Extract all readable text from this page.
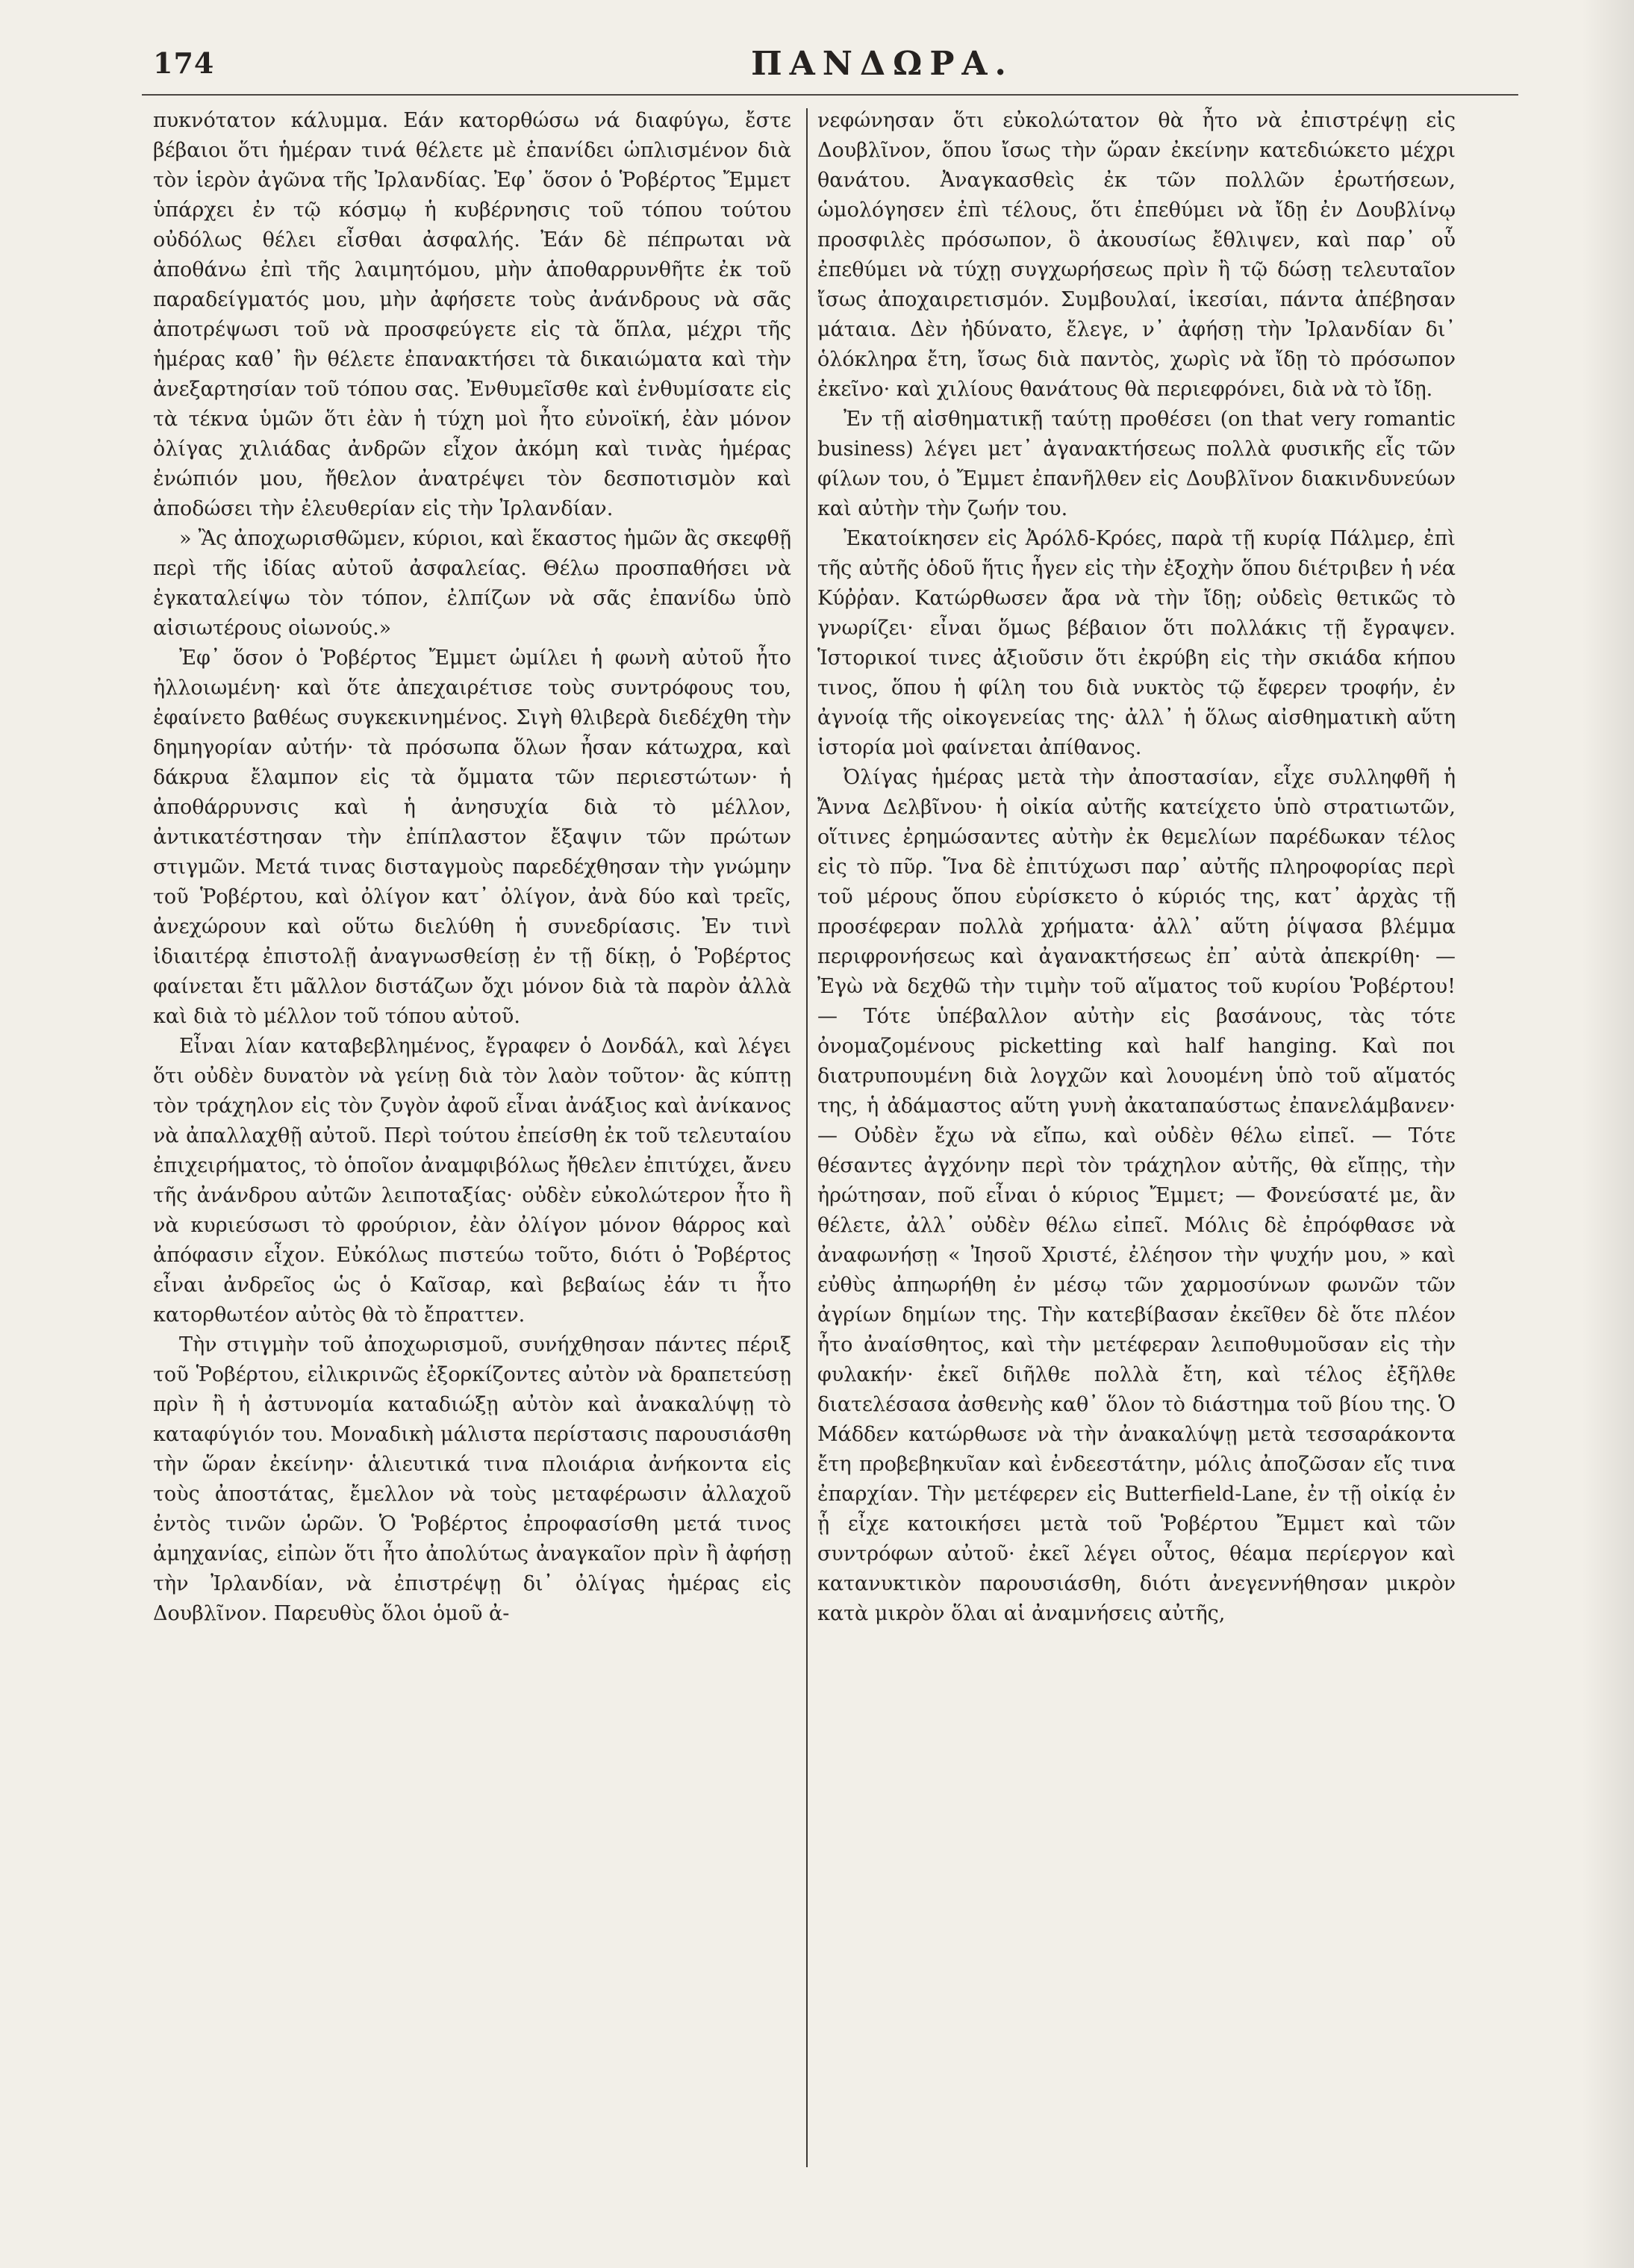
174	ΠΑΝΔΩΡΑ.

πυκνότατον κάλυμμα. Εάν κατορθώσω νά διαφύγω, ἔστε βέβαιοι ὅτι ἡμέραν τινά θέλετε μὲ ἐπανίδει ὡπλισμένον διὰ τὸν ἱερὸν ἀγῶνα τῆς Ἰρλανδίας. Ἐφ᾽ ὅσον ὁ Ῥοβέρτος Ἔμμετ ὑπάρχει ἐν τῷ κόσμῳ ἡ κυβέρνησις τοῦ τόπου τούτου οὐδόλως θέλει εἶσθαι ἀσφαλής. Ἐάν δὲ πέπρωται νὰ ἀποθάνω ἐπὶ τῆς λαιμητόμου, μὴν ἀποθαρρυνθῆτε ἐκ τοῦ παραδείγματός μου, μὴν ἀφήσετε τοὺς ἀνάνδρους νὰ σᾶς ἀποτρέψωσι τοῦ νὰ προσφεύγετε εἰς τὰ ὅπλα, μέχρι τῆς ἡμέρας καθ᾽ ἣν θέλετε ἐπανακτήσει τὰ δικαιώματα καὶ τὴν ἀνεξαρτησίαν τοῦ τόπου σας. Ἐνθυμεῖσθε καὶ ἐνθυμίσατε εἰς τὰ τέκνα ὑμῶν ὅτι ἐὰν ἡ τύχη μοὶ ἦτο εὐνοϊκή, ἐὰν μόνον ὀλίγας χιλιάδας ἀνδρῶν εἶχον ἀκόμη καὶ τινὰς ἡμέρας ἐνώπιόν μου, ἤθελον ἀνατρέψει τὸν δεσποτισμὸν καὶ ἀποδώσει τὴν ἐλευθερίαν εἰς τὴν Ἰρλανδίαν.

» Ἂς ἀποχωρισθῶμεν, κύριοι, καὶ ἕκαστος ἡμῶν ἂς σκεφθῇ περὶ τῆς ἰδίας αὐτοῦ ἀσφαλείας. Θέλω προσπαθήσει νὰ ἐγκαταλείψω τὸν τόπον, ἐλπίζων νὰ σᾶς ἐπανίδω ὑπὸ αἰσιωτέρους οἰωνούς.»

Ἐφ᾽ ὅσον ὁ Ῥοβέρτος Ἔμμετ ὡμίλει ἡ φωνὴ αὐτοῦ ἦτο ἠλλοιωμένη· καὶ ὅτε ἀπεχαιρέτισε τοὺς συντρόφους του, ἐφαίνετο βαθέως συγκεκινημένος. Σιγὴ θλιβερὰ διεδέχθη τὴν δημηγορίαν αὐτήν· τὰ πρόσωπα ὅλων ἦσαν κάτωχρα, καὶ δάκρυα ἔλαμπον εἰς τὰ ὄμματα τῶν περιεστώτων· ἡ ἀποθάρρυνσις καὶ ἡ ἀνησυχία διὰ τὸ μέλλον, ἀντικατέστησαν τὴν ἐπίπλαστον ἔξαψιν τῶν πρώτων στιγμῶν. Μετά τινας δισταγμοὺς παρεδέχθησαν τὴν γνώμην τοῦ Ῥοβέρτου, καὶ ὀλίγον κατ᾽ ὀλίγον, ἀνὰ δύο καὶ τρεῖς, ἀνεχώρουν καὶ οὕτω διελύθη ἡ συνεδρίασις. Ἐν τινὶ ἰδιαιτέρᾳ ἐπιστολῇ ἀναγνωσθείσῃ ἐν τῇ δίκῃ, ὁ Ῥοβέρτος φαίνεται ἔτι μᾶλλον διστάζων ὄχι μόνον διὰ τὰ παρὸν ἀλλὰ καὶ διὰ τὸ μέλλον τοῦ τόπου αὐτοῦ.

Εἶναι λίαν καταβεβλημένος, ἔγραφεν ὁ Δονδάλ, καὶ λέγει ὅτι οὐδὲν δυνατὸν νὰ γείνῃ διὰ τὸν λαὸν τοῦτον· ἂς κύπτῃ τὸν τράχηλον εἰς τὸν ζυγὸν ἀφοῦ εἶναι ἀνάξιος καὶ ἀνίκανος νὰ ἀπαλλαχθῇ αὐτοῦ. Περὶ τούτου ἐπείσθη ἐκ τοῦ τελευταίου ἐπιχειρήματος, τὸ ὁποῖον ἀναμφιβόλως ἤθελεν ἐπιτύχει, ἄνευ τῆς ἀνάνδρου αὐτῶν λειποταξίας· οὐδὲν εὐκολώτερον ἦτο ἢ νὰ κυριεύσωσι τὸ φρούριον, ἐὰν ὀλίγον μόνον θάρρος καὶ ἀπόφασιν εἶχον. Εὐκόλως πιστεύω τοῦτο, διότι ὁ Ῥοβέρτος εἶναι ἀνδρεῖος ὡς ὁ Καῖσαρ, καὶ βεβαίως ἐάν τι ἦτο κατορθωτέον αὐτὸς θὰ τὸ ἔπραττεν.

Τὴν στιγμὴν τοῦ ἀποχωρισμοῦ, συνήχθησαν πάντες πέριξ τοῦ Ῥοβέρτου, εἰλικρινῶς ἐξορκίζοντες αὐτὸν νὰ δραπετεύσῃ πρὶν ἢ ἡ ἀστυνομία καταδιώξῃ αὐτὸν καὶ ἀνακαλύψῃ τὸ καταφύγιόν του. Μοναδικὴ μάλιστα περίστασις παρουσιάσθη τὴν ὥραν ἐκείνην· ἁλιευτικά τινα πλοιάρια ἀνήκοντα εἰς τοὺς ἀποστάτας, ἔμελλον νὰ τοὺς μεταφέρωσιν ἀλλαχοῦ ἐντὸς τινῶν ὡρῶν. Ὁ Ῥοβέρτος ἐπροφασίσθη μετά τινος ἀμηχανίας, εἰπὼν ὅτι ἦτο ἀπολύτως ἀναγκαῖον πρὶν ἢ ἀφήσῃ τὴν Ἰρλανδίαν, νὰ ἐπιστρέψῃ δι᾽ ὀλίγας ἡμέρας εἰς Δουβλῖνον. Παρευθὺς ὅλοι ὁμοῦ ἀ-

νεφώνησαν ὅτι εὐκολώτατον θὰ ἦτο νὰ ἐπιστρέψῃ εἰς Δουβλῖνον, ὅπου ἴσως τὴν ὥραν ἐκείνην κατεδιώκετο μέχρι θανάτου. Ἀναγκασθεὶς ἐκ τῶν πολλῶν ἐρωτήσεων, ὡμολόγησεν ἐπὶ τέλους, ὅτι ἐπεθύμει νὰ ἴδῃ ἐν Δουβλίνῳ προσφιλὲς πρόσωπον, ὃ ἀκουσίως ἔθλιψεν, καὶ παρ᾽ οὗ ἐπεθύμει νὰ τύχῃ συγχωρήσεως πρὶν ἢ τῷ δώσῃ τελευταῖον ἴσως ἀποχαιρετισμόν. Συμβουλαί, ἱκεσίαι, πάντα ἀπέβησαν μάταια. Δὲν ἠδύνατο, ἔλεγε, ν᾽ ἀφήσῃ τὴν Ἰρλανδίαν δι᾽ ὁλόκληρα ἔτη, ἴσως διὰ παντὸς, χωρὶς νὰ ἴδῃ τὸ πρόσωπον ἐκεῖνο· καὶ χιλίους θανάτους θὰ περιεφρόνει, διὰ νὰ τὸ ἴδῃ.

Ἐν τῇ αἰσθηματικῇ ταύτῃ προθέσει (on that very romantic business) λέγει μετ᾽ ἀγανακτήσεως πολλὰ φυσικῆς εἷς τῶν φίλων του, ὁ Ἔμμετ ἐπανῆλθεν εἰς Δουβλῖνον διακινδυνεύων καὶ αὐτὴν τὴν ζωήν του.

Ἐκατοίκησεν εἰς Ἀρόλδ-Κρόες, παρὰ τῇ κυρίᾳ Πάλμερ, ἐπὶ τῆς αὐτῆς ὁδοῦ ἥτις ἦγεν εἰς τὴν ἐξοχὴν ὅπου διέτριβεν ἡ νέα Κύῤῥαν. Κατώρθωσεν ἄρα νὰ τὴν ἴδῃ; οὐδεὶς θετικῶς τὸ γνωρίζει· εἶναι ὅμως βέβαιον ὅτι πολλάκις τῇ ἔγραψεν. Ἱστορικοί τινες ἀξιοῦσιν ὅτι ἐκρύβη εἰς τὴν σκιάδα κήπου τινος, ὅπου ἡ φίλη του διὰ νυκτὸς τῷ ἔφερεν τροφήν, ἐν ἀγνοίᾳ τῆς οἰκογενείας της· ἀλλ᾽ ἡ ὅλως αἰσθηματικὴ αὕτη ἱστορία μοὶ φαίνεται ἀπίθανος.

Ὀλίγας ἡμέρας μετὰ τὴν ἀποστασίαν, εἶχε συλληφθῆ ἡ Ἄννα Δελβῖνου· ἡ οἰκία αὐτῆς κατείχετο ὑπὸ στρατιωτῶν, οἵτινες ἐρημώσαντες αὐτὴν ἐκ θεμελίων παρέδωκαν τέλος εἰς τὸ πῦρ. Ἵνα δὲ ἐπιτύχωσι παρ᾽ αὐτῆς πληροφορίας περὶ τοῦ μέρους ὅπου εὑρίσκετο ὁ κύριός της, κατ᾽ ἀρχὰς τῇ προσέφεραν πολλὰ χρήματα· ἀλλ᾽ αὕτη ῥίψασα βλέμμα περιφρονήσεως καὶ ἀγανακτήσεως ἐπ᾽ αὐτὰ ἀπεκρίθη· — Ἐγὼ νὰ δεχθῶ τὴν τιμὴν τοῦ αἵματος τοῦ κυρίου Ῥοβέρτου! — Τότε ὑπέβαλλον αὐτὴν εἰς βασάνους, τὰς τότε ὀνομαζομένους picketting καὶ half hanging. Καὶ ποι διατρυπουμένη διὰ λογχῶν καὶ λουομένη ὑπὸ τοῦ αἵματός της, ἡ ἀδάμαστος αὕτη γυνὴ ἀκαταπαύστως ἐπανελάμβανεν· — Οὐδὲν ἔχω νὰ εἴπω, καὶ οὐδὲν θέλω εἰπεῖ. — Τότε θέσαντες ἀγχόνην περὶ τὸν τράχηλον αὐτῆς, θὰ εἴπῃς, τὴν ἠρώτησαν, ποῦ εἶναι ὁ κύριος Ἔμμετ; — Φονεύσατέ με, ἂν θέλετε, ἀλλ᾽ οὐδὲν θέλω εἰπεῖ. Μόλις δὲ ἐπρόφθασε νὰ ἀναφωνήσῃ « Ἰησοῦ Χριστέ, ἐλέησον τὴν ψυχήν μου, » καὶ εὐθὺς ἀπηωρήθη ἐν μέσῳ τῶν χαρμοσύνων φωνῶν τῶν ἀγρίων δημίων της. Τὴν κατεβίβασαν ἐκεῖθεν δὲ ὅτε πλέον ἦτο ἀναίσθητος, καὶ τὴν μετέφεραν λειποθυμοῦσαν εἰς τὴν φυλακήν· ἐκεῖ διῆλθε πολλὰ ἔτη, καὶ τέλος ἐξῆλθε διατελέσασα ἀσθενὴς καθ᾽ ὅλον τὸ διάστημα τοῦ βίου της. Ὁ Μάδδεν κατώρθωσε νὰ τὴν ἀνακαλύψῃ μετὰ τεσσαράκοντα ἔτη προβεβηκυῖαν καὶ ἐνδεεστάτην, μόλις ἀποζῶσαν εἴς τινα ἐπαρχίαν. Τὴν μετέφερεν εἰς Butterfield-Lane, ἐν τῇ οἰκίᾳ ἐν ᾗ εἶχε κατοικήσει μετὰ τοῦ Ῥοβέρτου Ἔμμετ καὶ τῶν συντρόφων αὐτοῦ· ἐκεῖ λέγει οὗτος, θέαμα περίεργον καὶ κατανυκτικὸν παρουσιάσθη, διότι ἀνεγεννήθησαν μικρὸν κατὰ μικρὸν ὅλαι αἱ ἀναμνήσεις αὐτῆς,
